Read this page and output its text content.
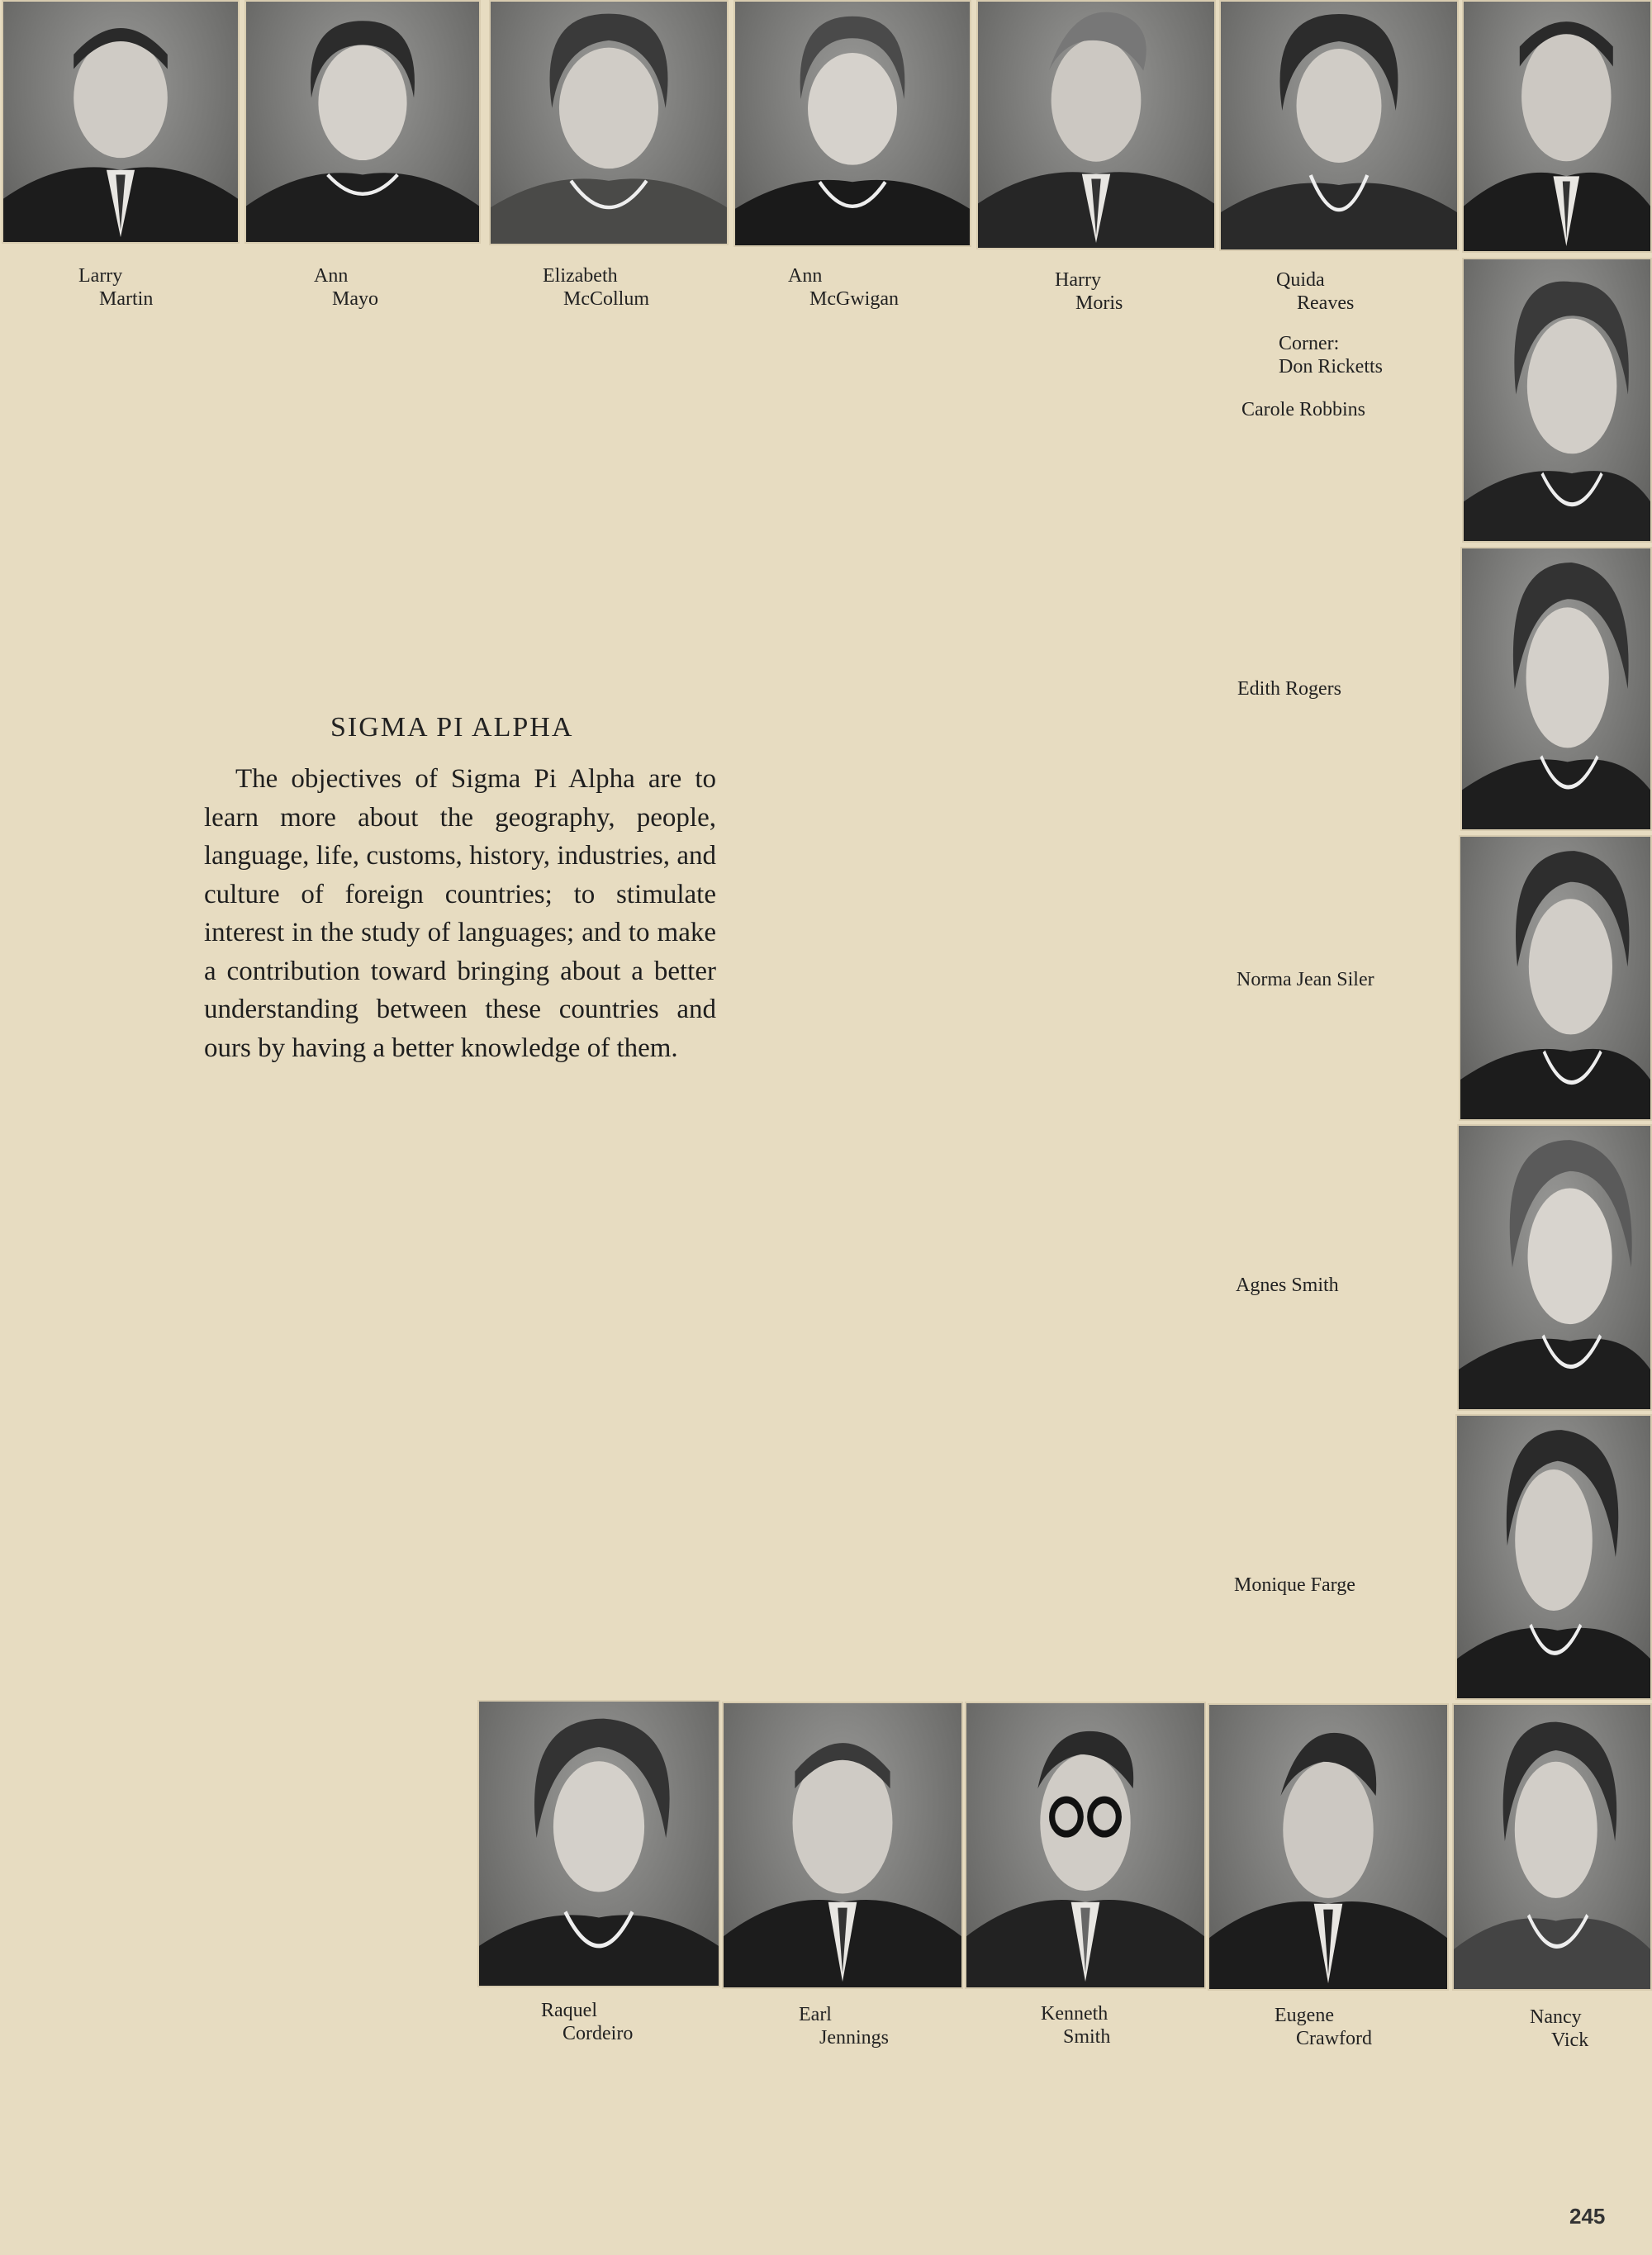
Larry
Martin
Ann
Mayo
Elizabeth
McCollum
Ann
McGwigan
Harry
Moris
Quida
Reaves
Corner:
Don Ricketts
Carole Robbins
Edith Rogers
Norma Jean Siler
Agnes Smith
Monique Farge
SIGMA PI ALPHA

The objectives of Sigma Pi Alpha are to learn more about the geography, people, language, life, customs, history, industries, and culture of foreign countries; to stimulate interest in the study of languages; and to make a contribution toward bringing about a better understanding between these countries and ours by having a better knowledge of them.

Raquel
Cordeiro
Earl
Jennings
Kenneth
Smith
Eugene
Crawford
Nancy
Vick
245
